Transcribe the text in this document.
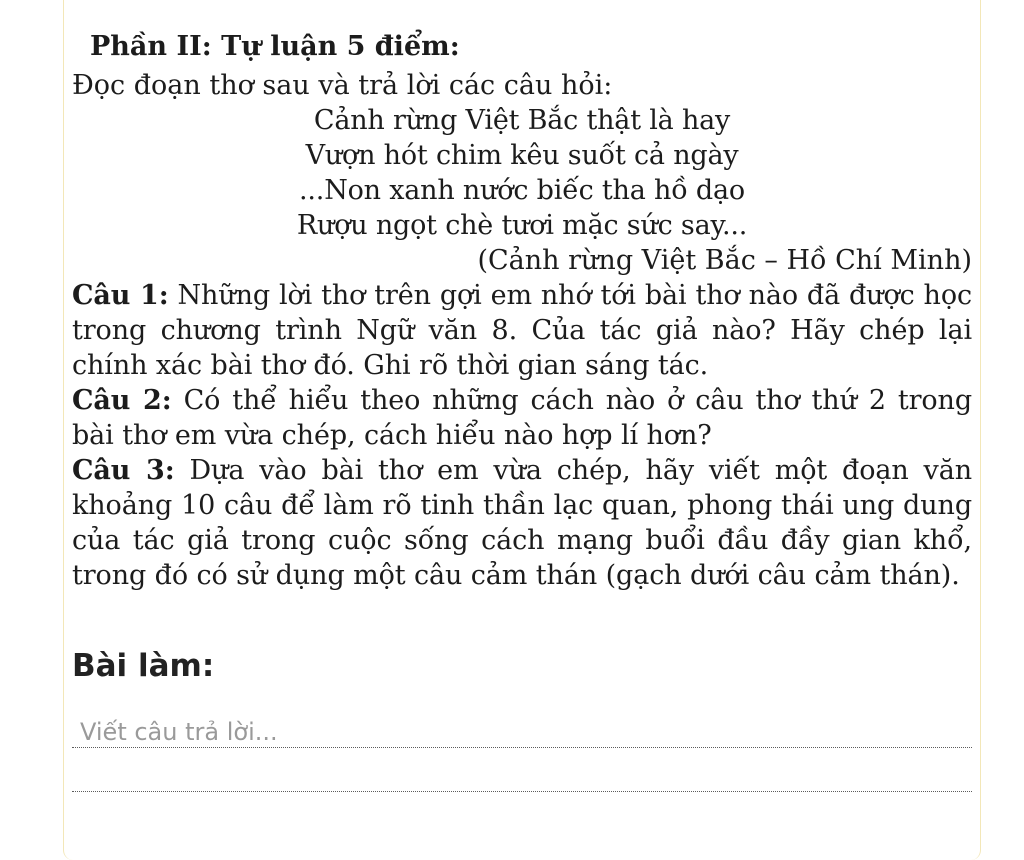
Phần II: Tự luận 5 điểm:
Đọc đoạn thơ sau và trả lời các câu hỏi:
Cảnh rừng Việt Bắc thật là hay
Vượn hót chim kêu suốt cả ngày
...Non xanh nước biếc tha hồ dạo
Rượu ngọt chè tươi mặc sức say...
(Cảnh rừng Việt Bắc – Hồ Chí Minh)
Câu 1: Những lời thơ trên gợi em nhớ tới bài thơ nào đã được học trong chương trình Ngữ văn 8. Của tác giả nào? Hãy chép lại chính xác bài thơ đó. Ghi rõ thời gian sáng tác.
Câu 2: Có thể hiểu theo những cách nào ở câu thơ thứ 2 trong bài thơ em vừa chép, cách hiểu nào hợp lí hơn?
Câu 3: Dựa vào bài thơ em vừa chép, hãy viết một đoạn văn khoảng 10 câu để làm rõ tinh thần lạc quan, phong thái ung dung của tác giả trong cuộc sống cách mạng buổi đầu đầy gian khổ, trong đó có sử dụng một câu cảm thán (gạch dưới câu cảm thán).
Bài làm:
Viết câu trả lời...
